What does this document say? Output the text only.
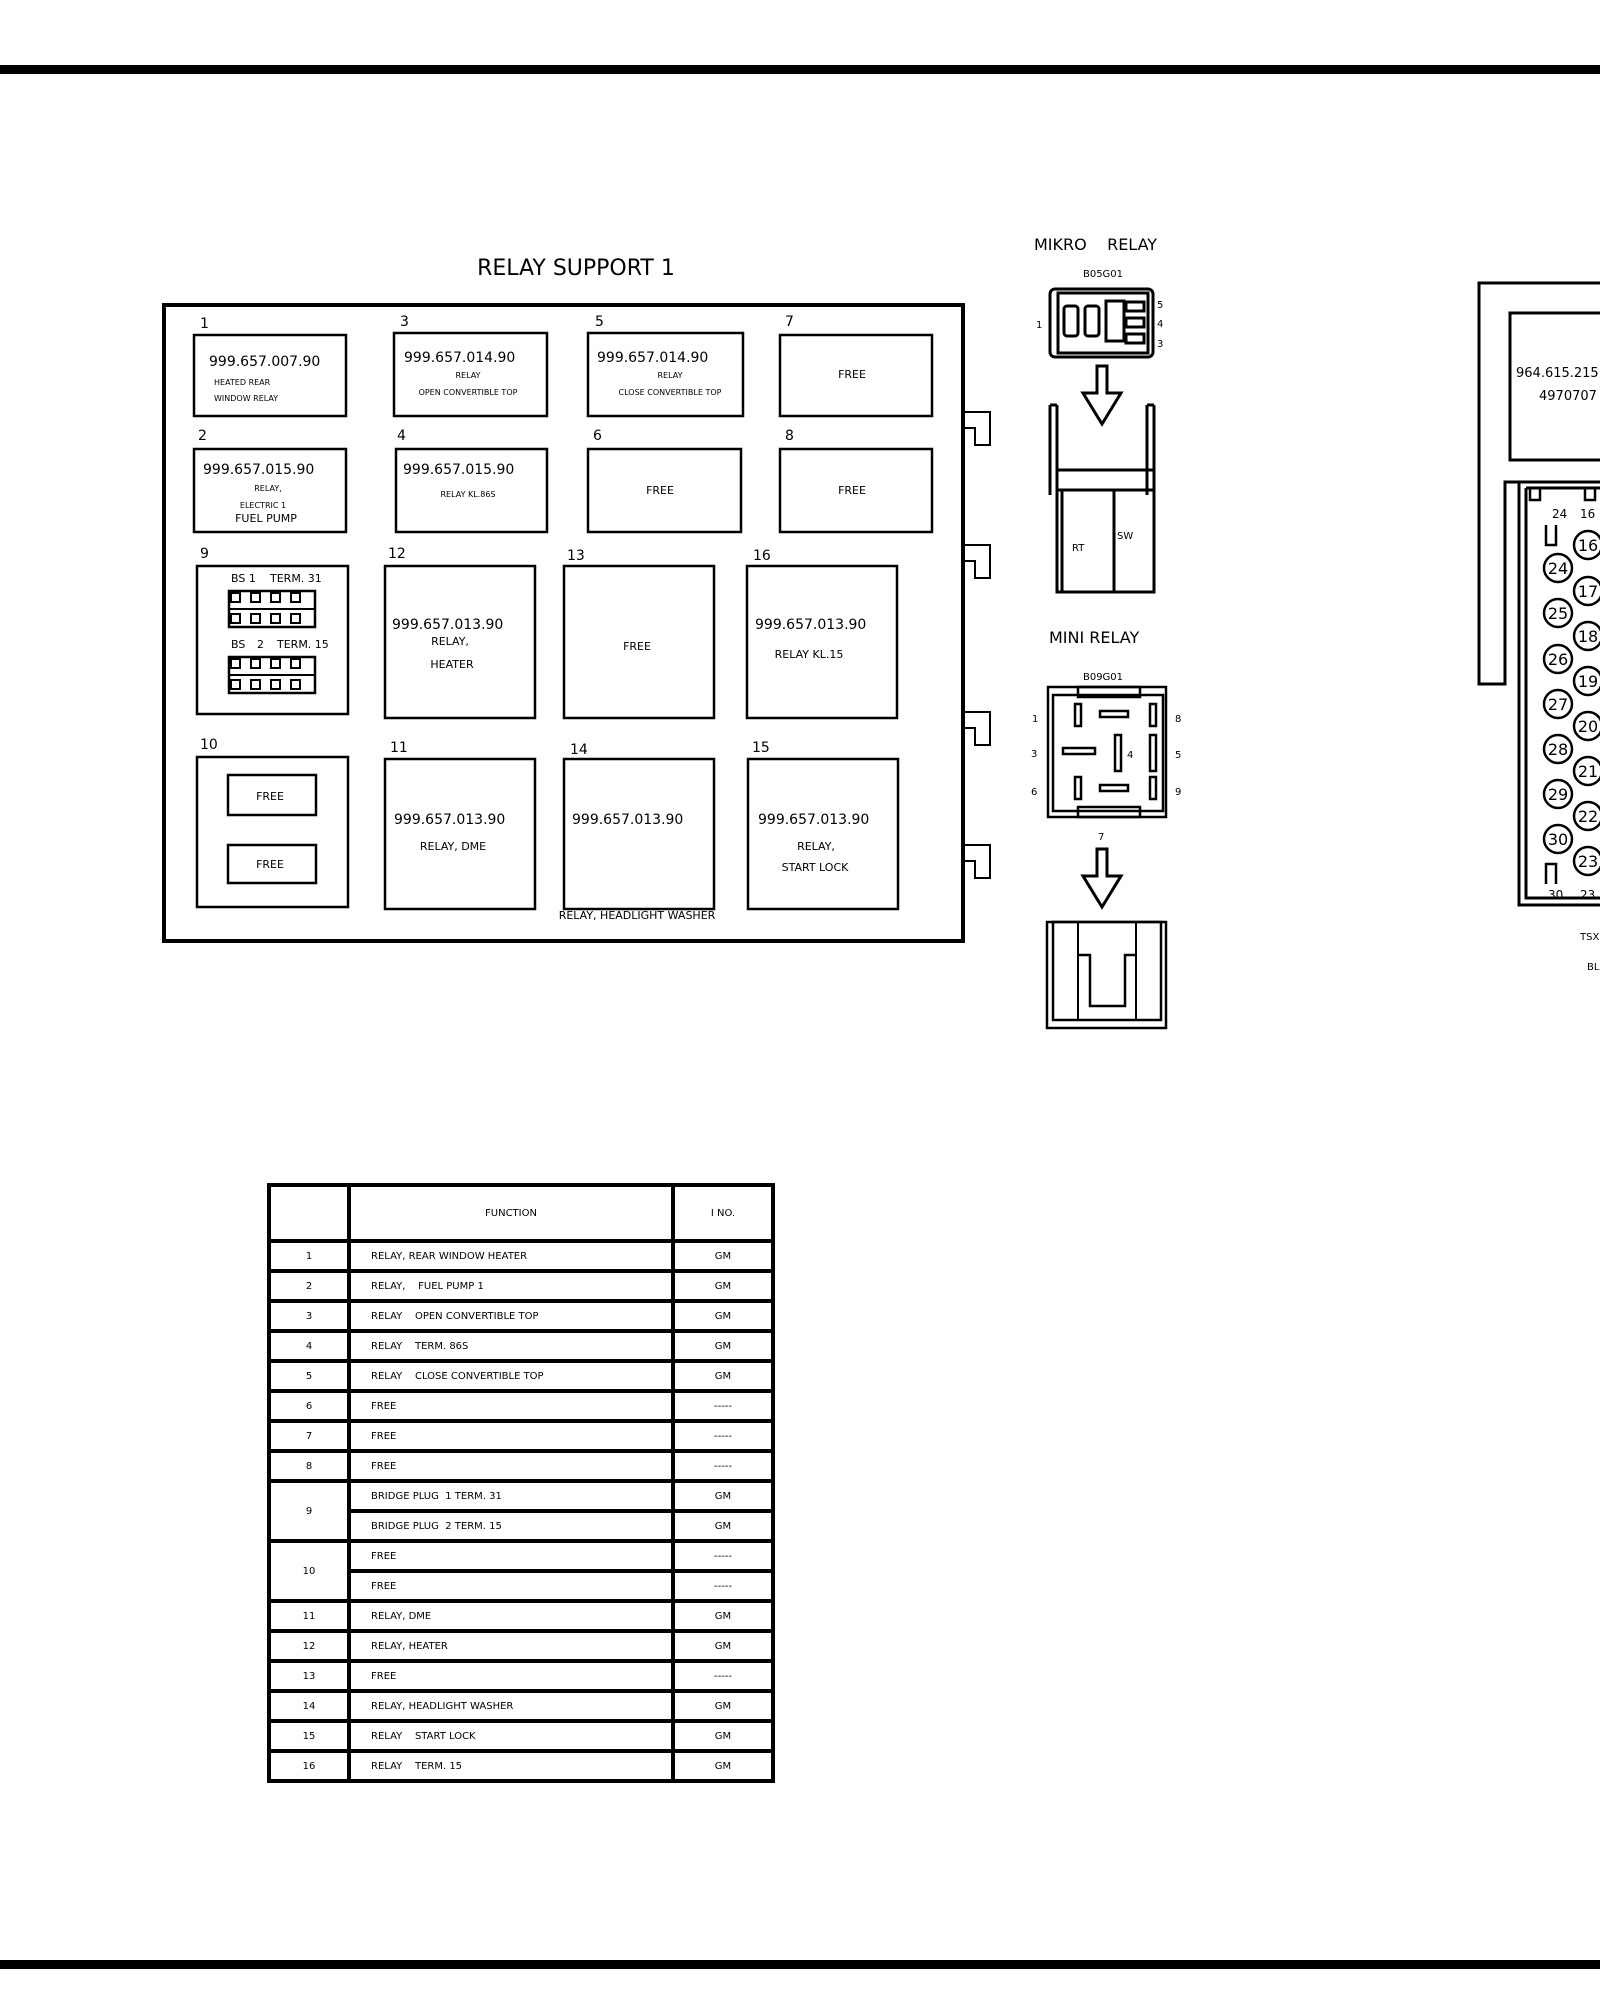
RELAY SUPPORT 1
1
999.657.007.90
HEATED REAR
WINDOW RELAY
3
999.657.014.90
RELAY
OPEN CONVERTIBLE TOP
5
999.657.014.90
RELAY
CLOSE CONVERTIBLE TOP
7
FREE
2
999.657.015.90
RELAY,
ELECTRIC 1
FUEL PUMP
4
999.657.015.90
RELAY KL.86S
6
FREE
8
FREE
9
BS 1 TERM. 31
BS 2 TERM. 15
12
999.657.013.90
RELAY,
HEATER
13
FREE
16
999.657.013.90
RELAY KL.15
10
FREE
FREE
11
999.657.013.90
RELAY, DME
14
999.657.013.90
RELAY, HEADLIGHT WASHER
15
999.657.013.90
RELAY,
START LOCK
MIKRO    RELAY
B05G01
1
5
4
3
RT
SW
MINI RELAY
B09G01
1
3
6
8
5
9
4
7
964.615.215
4970707
24 16
30 23
TSX
BL
24
25
26
27
28
29
30
16
17
18
19
20
21
22
23
	FUNCTION	I NO.
1	RELAY, REAR WINDOW HEATER	GM
2	RELAY,    FUEL PUMP 1	GM
3	RELAY    OPEN CONVERTIBLE TOP	GM
4	RELAY    TERM. 86S	GM
5	RELAY    CLOSE CONVERTIBLE TOP	GM
6	FREE	-----
7	FREE	-----
8	FREE	-----
9	BRIDGE PLUG  1 TERM. 31	GM
	BRIDGE PLUG  2 TERM. 15	GM
10	FREE	-----
	FREE	-----
11	RELAY, DME	GM
12	RELAY, HEATER	GM
13	FREE	-----
14	RELAY, HEADLIGHT WASHER	GM
15	RELAY    START LOCK	GM
16	RELAY    TERM. 15	GM
